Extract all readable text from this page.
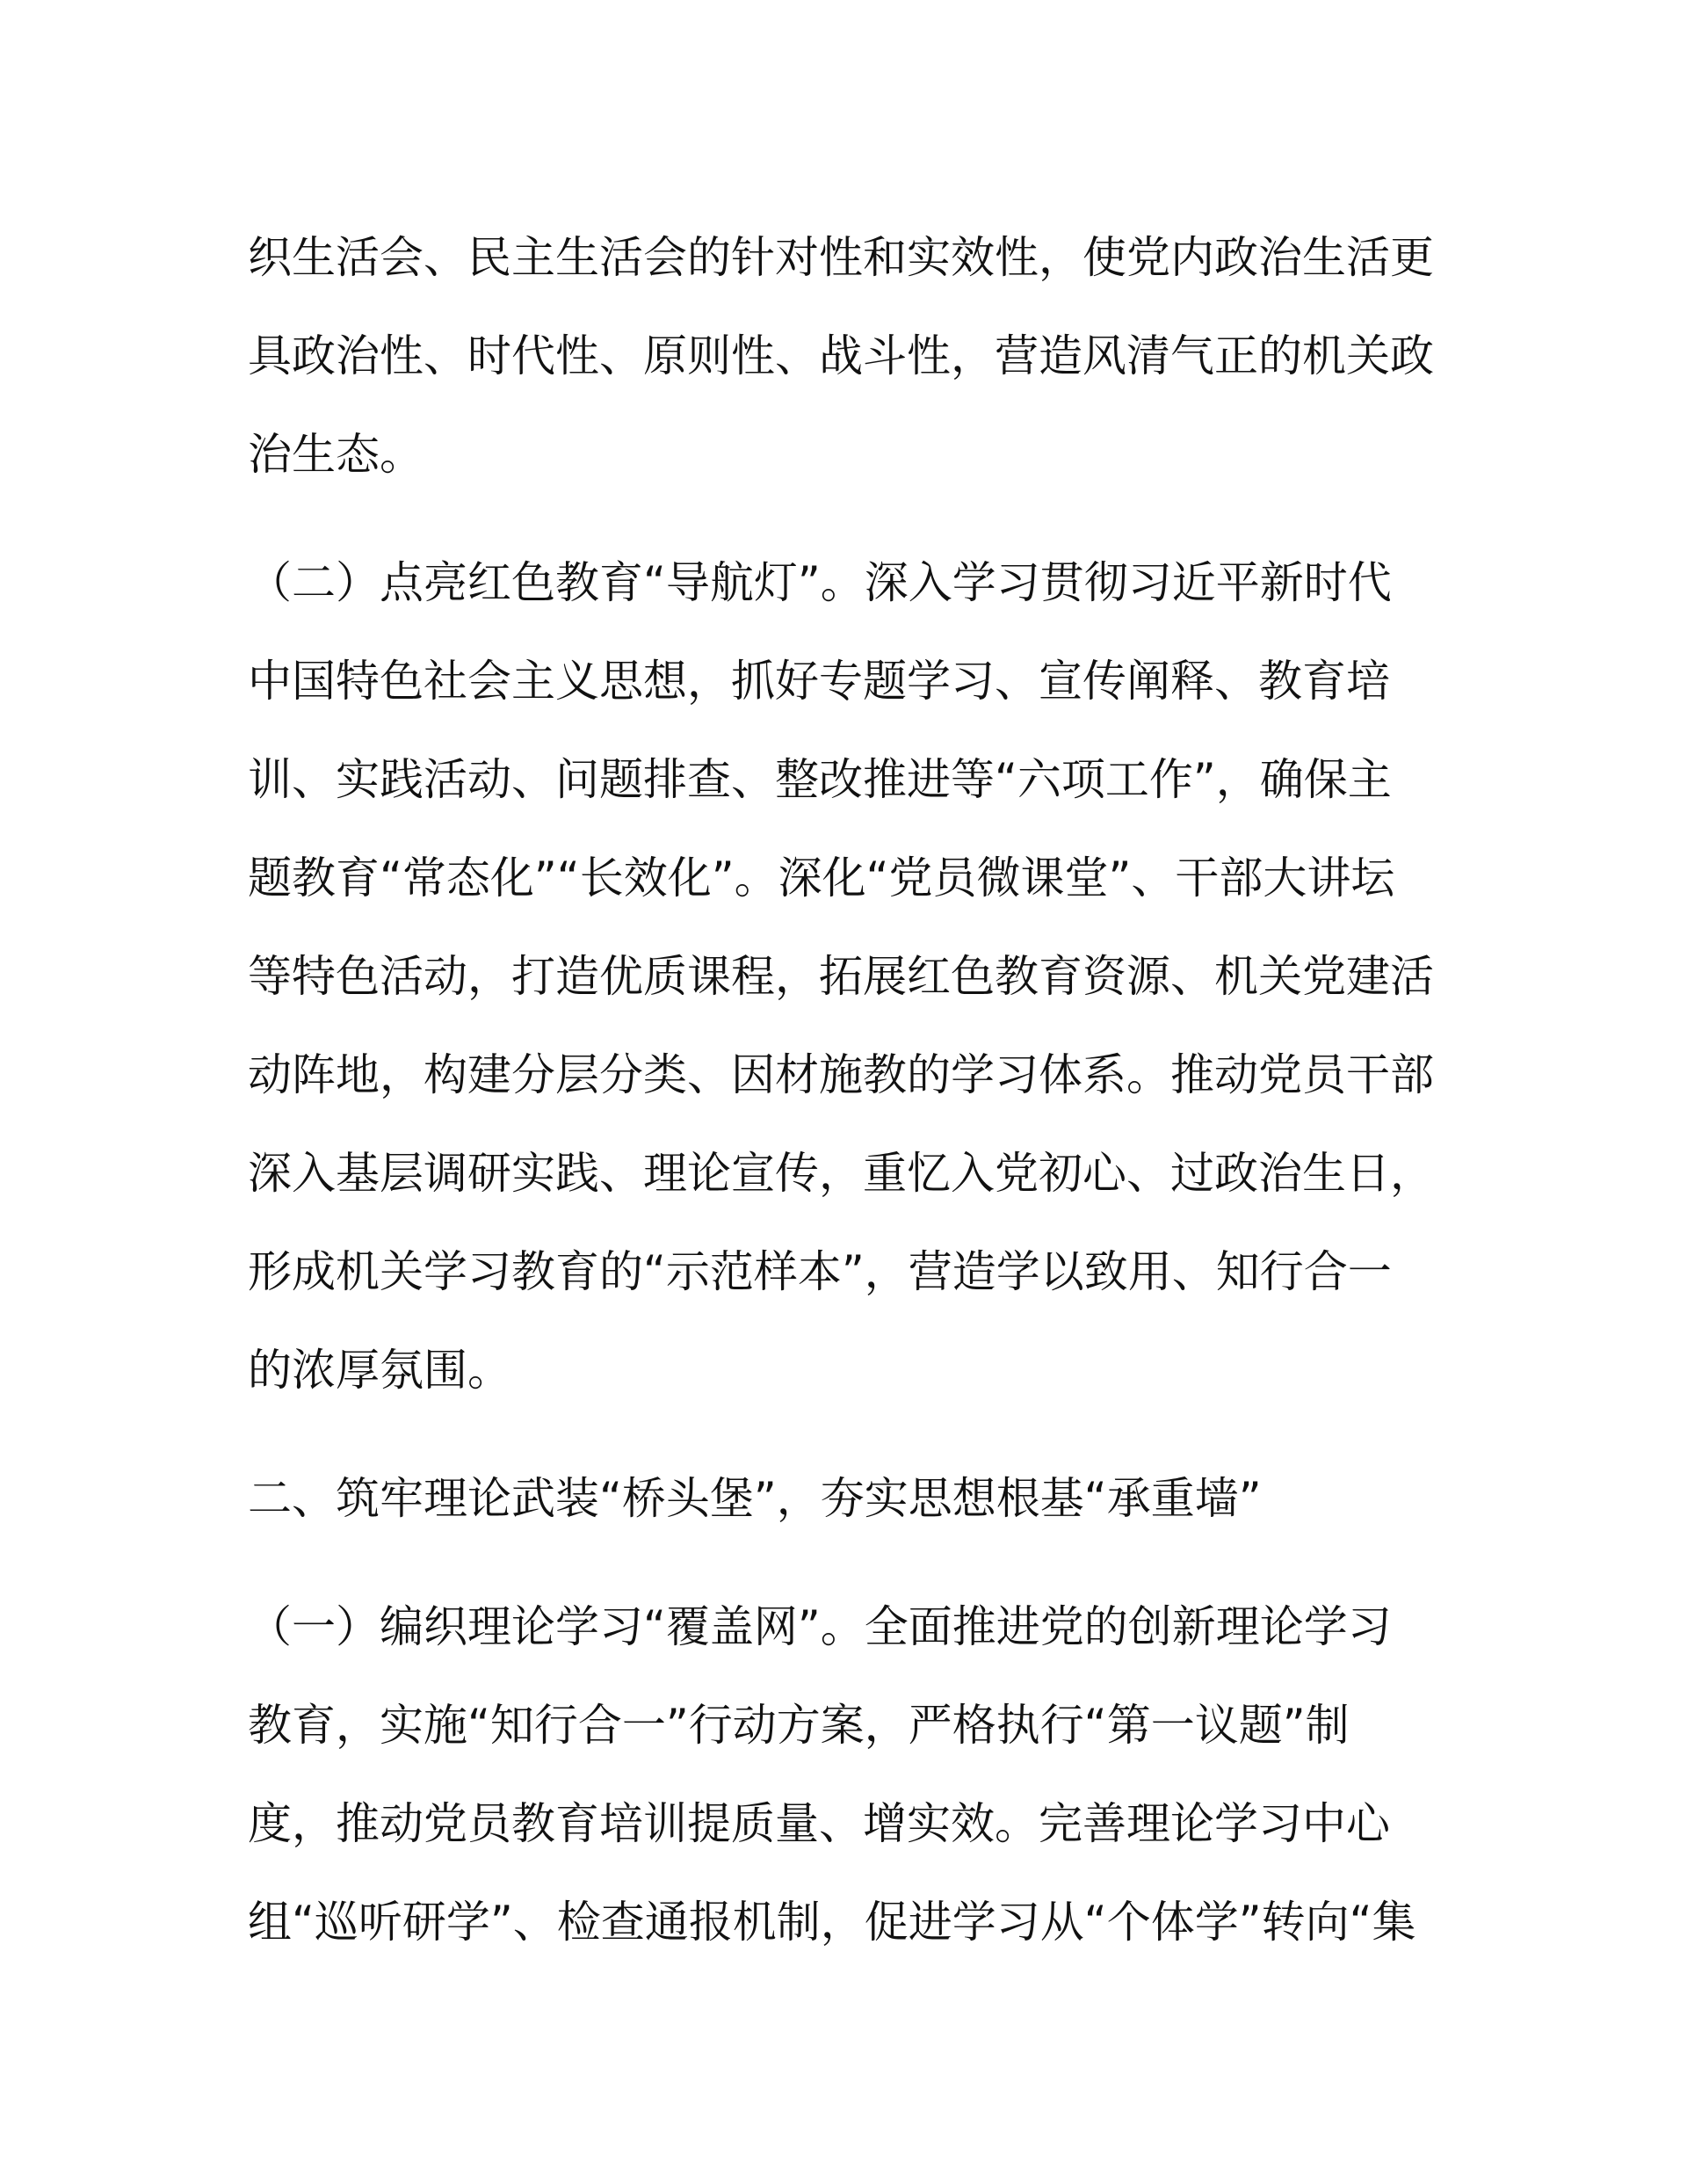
织生活会、民主生活会的针对性和实效性，使党内政治生活更
具政治性、时代性、原则性、战斗性，营造风清气正的机关政
治生态。
（二）点亮红色教育“导航灯”。深入学习贯彻习近平新时代
中国特色社会主义思想，抓好专题学习、宣传阐释、教育培
训、实践活动、问题排查、整改推进等“六项工作”，确保主
题教育“常态化”“长效化”。深化“党员微课堂”、干部大讲坛
等特色活动，打造优质课程，拓展红色教育资源、机关党建活
动阵地，构建分层分类、因材施教的学习体系。推动党员干部
深入基层调研实践、理论宣传，重忆入党初心、过政治生日，
形成机关学习教育的“示范样本”，营造学以致用、知行合一
的浓厚氛围。
二、筑牢理论武装“桥头堡”，夯实思想根基“承重墙”
（一）编织理论学习“覆盖网”。全面推进党的创新理论学习
教育，实施“知行合一”行动方案，严格执行“第一议题”制
度，推动党员教育培训提质量、增实效。完善理论学习中心
组“巡听研学”、检查通报机制，促进学习从“个体学”转向“集
